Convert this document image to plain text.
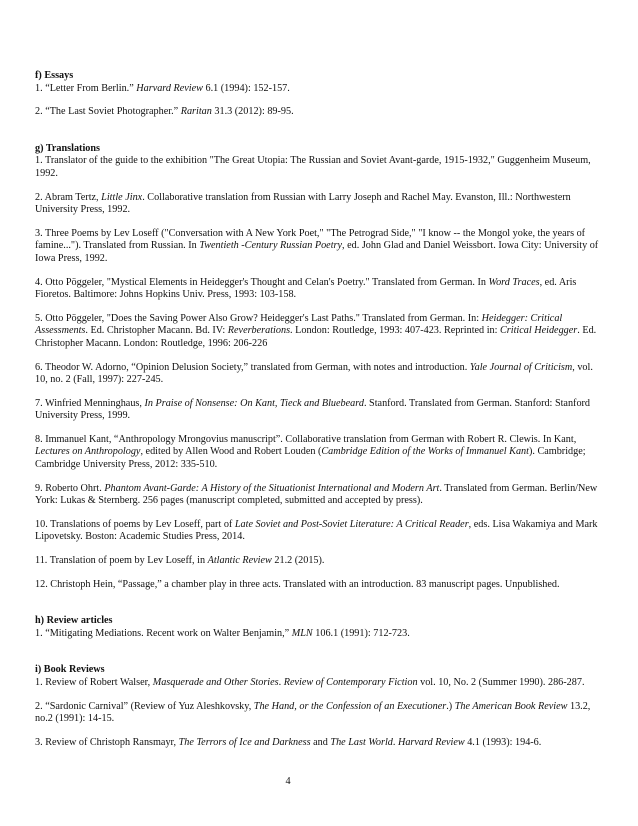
f) Essays

1. “Letter From Berlin.” Harvard Review 6.1 (1994): 152-157.

2. “The Last Soviet Photographer.” Raritan 31.3 (2012): 89-95.

g) Translations

1. Translator of the guide to the exhibition "The Great Utopia: The Russian and Soviet Avant-garde, 1915-1932," Guggenheim Museum, 1992.

2. Abram Tertz, Little Jinx. Collaborative translation from Russian with Larry Joseph and Rachel May. Evanston, Ill.: Northwestern University Press, 1992.

3. Three Poems by Lev Loseff ("Conversation with A New York Poet," "The Petrograd Side," "I know -- the Mongol yoke, the years of famine..."). Translated from Russian. In Twentieth -Century Russian Poetry, ed. John Glad and Daniel Weissbort. Iowa City: University of Iowa Press, 1992.

4. Otto Pöggeler, "Mystical Elements in Heidegger's Thought and Celan's Poetry." Translated from German. In Word Traces, ed. Aris Fioretos. Baltimore: Johns Hopkins Univ. Press, 1993: 103-158.

5. Otto Pöggeler, "Does the Saving Power Also Grow? Heidegger's Last Paths." Translated from German. In: Heidegger: Critical Assessments. Ed. Christopher Macann. Bd. IV: Reverberations. London: Routledge, 1993: 407-423. Reprinted in: Critical Heidegger. Ed. Christopher Macann. London: Routledge, 1996: 206-226

6. Theodor W. Adorno, “Opinion Delusion Society,” translated from German, with notes and introduction. Yale Journal of Criticism, vol. 10, no. 2 (Fall, 1997): 227-245.

7. Winfried Menninghaus, In Praise of Nonsense: On Kant, Tieck and Bluebeard. Stanford. Translated from German. Stanford: Stanford University Press, 1999.

8. Immanuel Kant, “Anthropology Mrongovius manuscript”. Collaborative translation from German with Robert R. Clewis. In Kant, Lectures on Anthropology, edited by Allen Wood and Robert Louden (Cambridge Edition of the Works of Immanuel Kant). Cambridge; Cambridge University Press, 2012: 335-510.

9. Roberto Ohrt. Phantom Avant-Garde: A History of the Situationist International and Modern Art. Translated from German. Berlin/New York: Lukas & Sternberg. 256 pages (manuscript completed, submitted and accepted by press).

10. Translations of poems by Lev Loseff, part of Late Soviet and Post-Soviet Literature: A Critical Reader, eds. Lisa Wakamiya and Mark Lipovetsky. Boston: Academic Studies Press, 2014.

11. Translation of poem by Lev Loseff, in Atlantic Review 21.2 (2015).

12. Christoph Hein, “Passage,” a chamber play in three acts. Translated with an introduction. 83 manuscript pages. Unpublished.

h) Review articles

1. “Mitigating Mediations. Recent work on Walter Benjamin,” MLN 106.1 (1991): 712-723.

i) Book Reviews

1. Review of Robert Walser, Masquerade and Other Stories. Review of Contemporary Fiction vol. 10, No. 2 (Summer 1990). 286-287.

2. “Sardonic Carnival” (Review of Yuz Aleshkovsky, The Hand, or the Confession of an Executioner.) The American Book Review 13.2, no.2 (1991): 14-15.

3. Review of Christoph Ransmayr, The Terrors of Ice and Darkness and The Last World. Harvard Review 4.1 (1993): 194-6.

4
